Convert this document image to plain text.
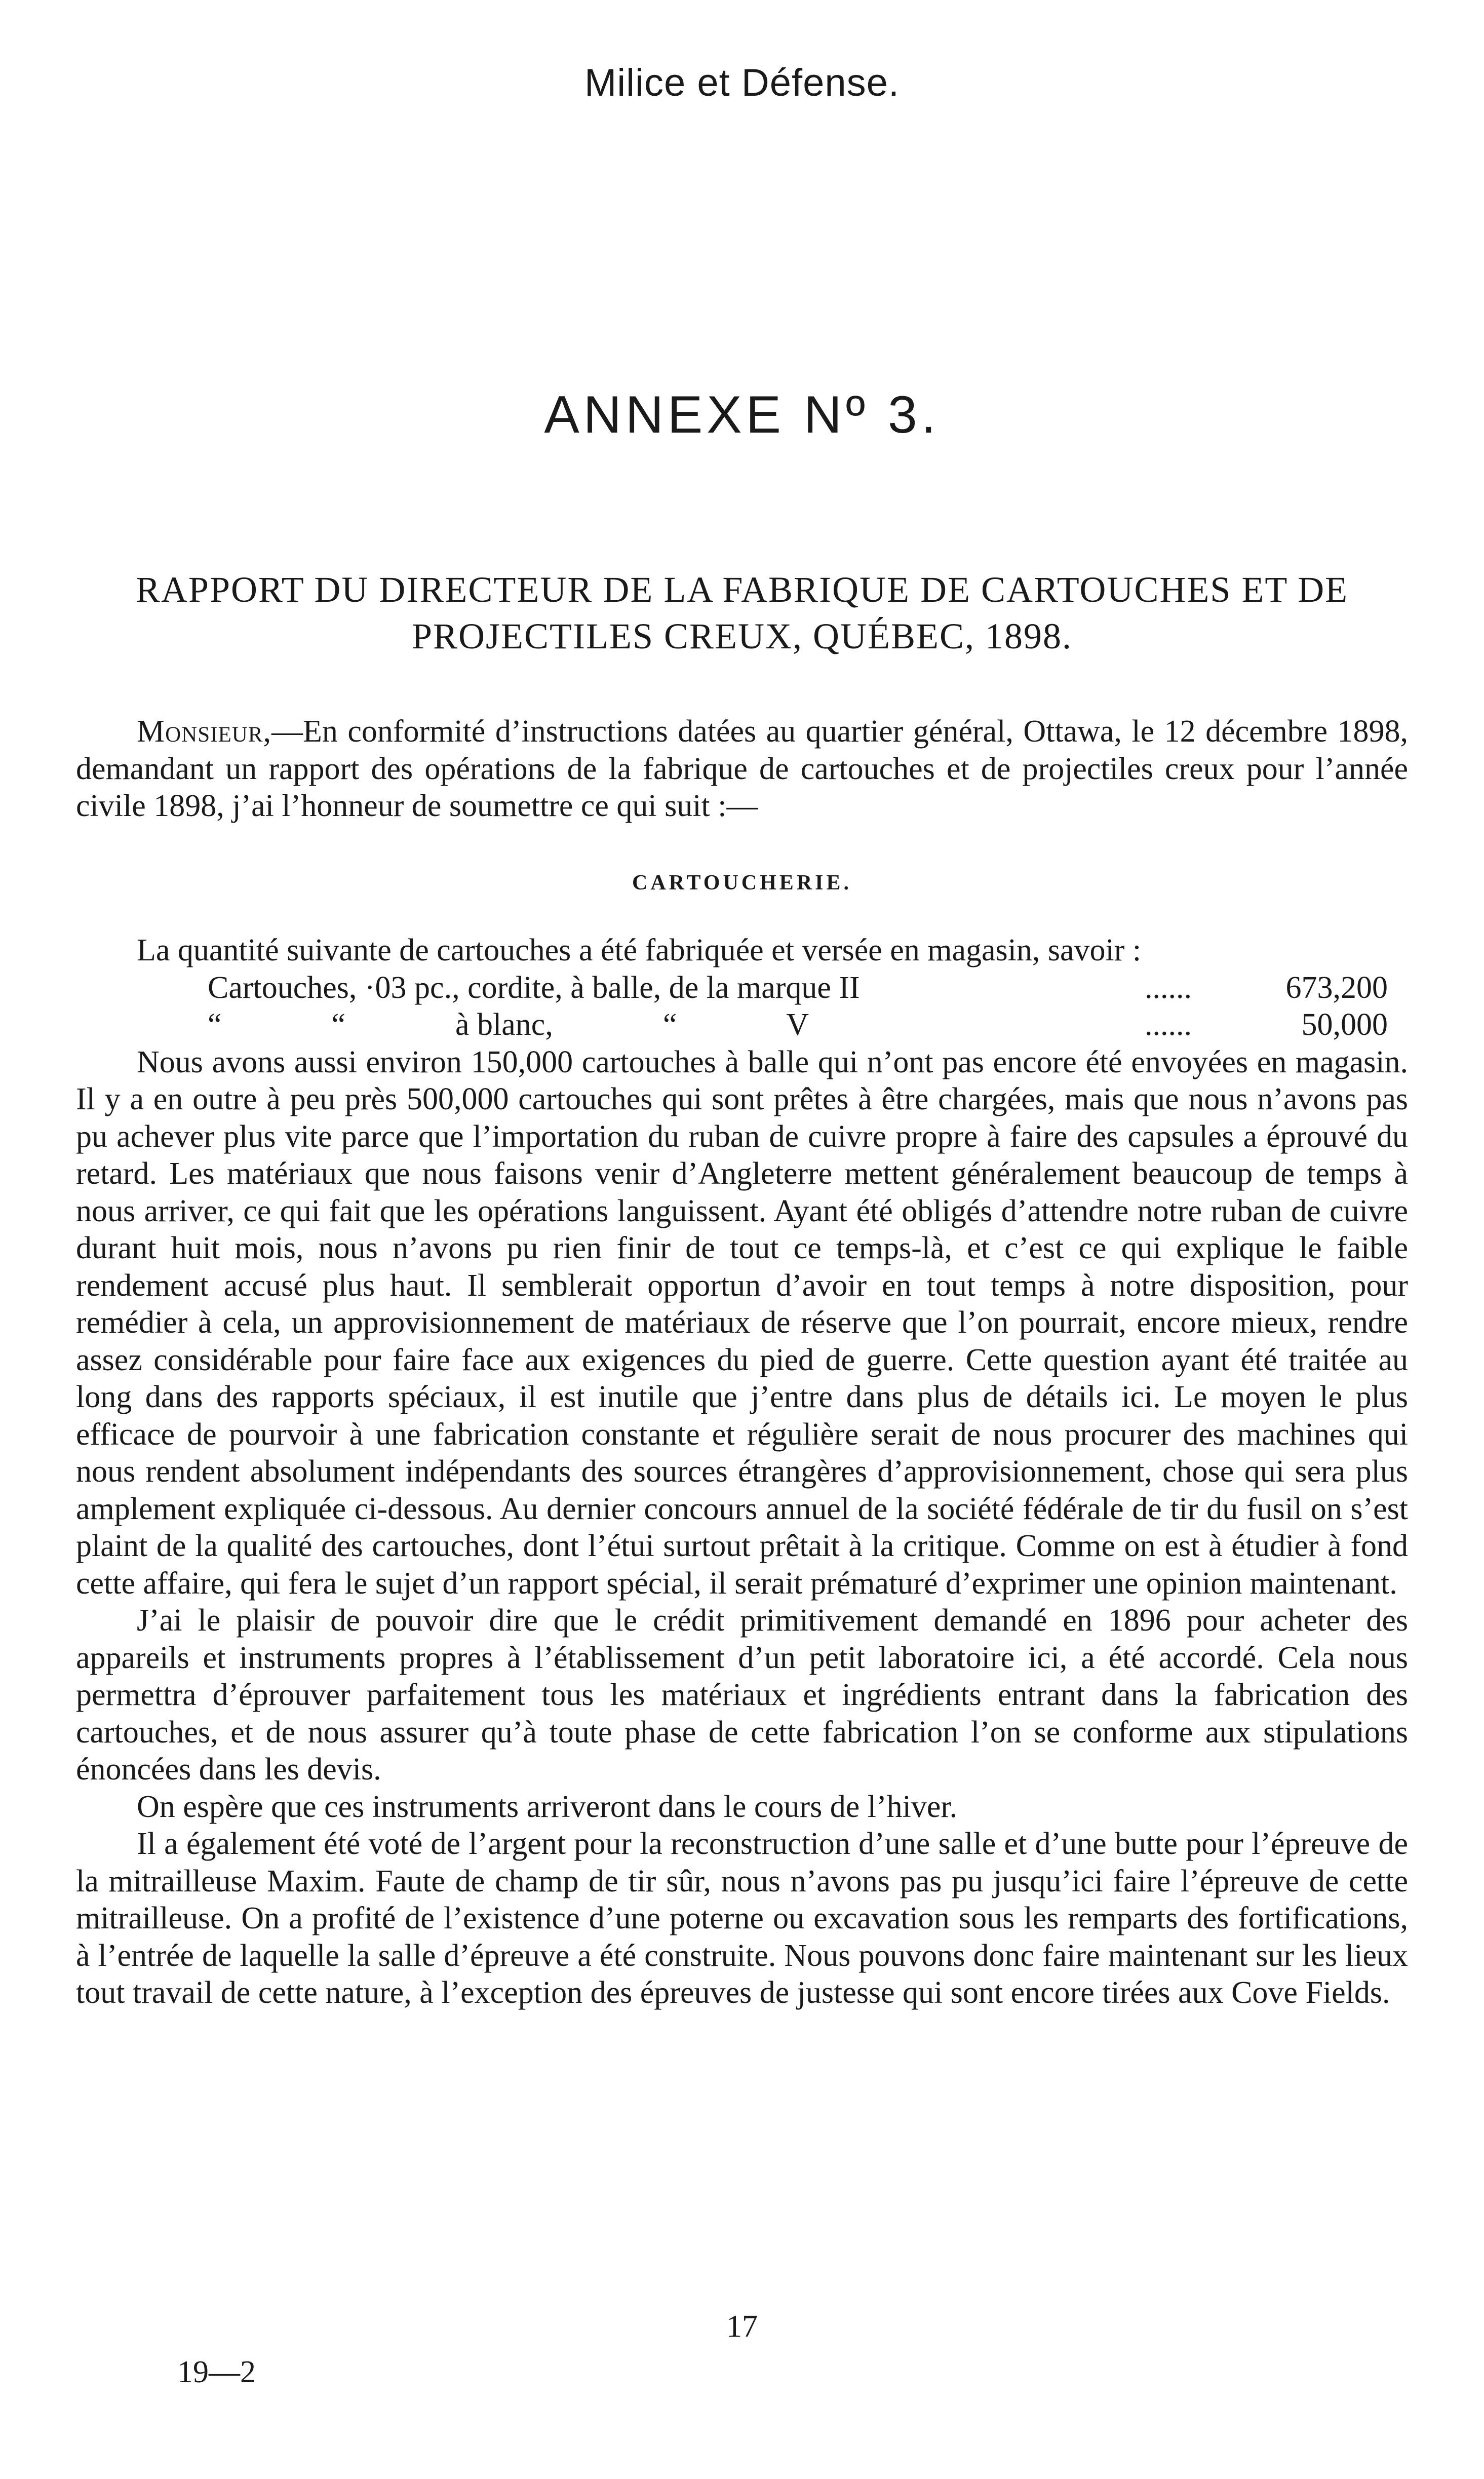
Milice et Défense.
ANNEXE Nº 3.
RAPPORT DU DIRECTEUR DE LA FABRIQUE DE CARTOUCHES ET DE
PROJECTILES CREUX, QUÉBEC, 1898.

Monsieur,—En conformité d’instructions datées au quartier général, Ottawa, le 12 décembre 1898, demandant un rapport des opérations de la fabrique de cartouches et de projectiles creux pour l’année civile 1898, j’ai l’honneur de soumettre ce qui suit :—

CARTOUCHERIE.

La quantité suivante de cartouches a été fabriquée et versée en magasin, savoir :

Cartouches, ·03 pc., cordite, à balle, de la marque II	......	673,200
“              “              à blanc,              “              V	......	50,000

Nous avons aussi environ 150,000 cartouches à balle qui n’ont pas encore été envoyées en magasin. Il y a en outre à peu près 500,000 cartouches qui sont prêtes à être chargées, mais que nous n’avons pas pu achever plus vite parce que l’importation du ruban de cuivre propre à faire des capsules a éprouvé du retard. Les matériaux que nous faisons venir d’Angleterre mettent généralement beaucoup de temps à nous arriver, ce qui fait que les opérations languissent. Ayant été obligés d’attendre notre ruban de cuivre durant huit mois, nous n’avons pu rien finir de tout ce temps-là, et c’est ce qui explique le faible rendement accusé plus haut. Il semblerait opportun d’avoir en tout temps à notre disposition, pour remédier à cela, un approvisionnement de matériaux de réserve que l’on pourrait, encore mieux, rendre assez considérable pour faire face aux exigences du pied de guerre. Cette question ayant été traitée au long dans des rapports spéciaux, il est inutile que j’entre dans plus de détails ici. Le moyen le plus efficace de pourvoir à une fabrication constante et régulière serait de nous procurer des machines qui nous rendent absolument indépendants des sources étrangères d’approvisionnement, chose qui sera plus amplement expliquée ci-dessous. Au dernier concours annuel de la société fédérale de tir du fusil on s’est plaint de la qualité des cartouches, dont l’étui surtout prêtait à la critique. Comme on est à étudier à fond cette affaire, qui fera le sujet d’un rapport spécial, il serait prématuré d’exprimer une opinion maintenant.

J’ai le plaisir de pouvoir dire que le crédit primitivement demandé en 1896 pour acheter des appareils et instruments propres à l’établissement d’un petit laboratoire ici, a été accordé. Cela nous permettra d’éprouver parfaitement tous les matériaux et ingrédients entrant dans la fabrication des cartouches, et de nous assurer qu’à toute phase de cette fabrication l’on se conforme aux stipulations énoncées dans les devis.

On espère que ces instruments arriveront dans le cours de l’hiver.

Il a également été voté de l’argent pour la reconstruction d’une salle et d’une butte pour l’épreuve de la mitrailleuse Maxim. Faute de champ de tir sûr, nous n’avons pas pu jusqu’ici faire l’épreuve de cette mitrailleuse. On a profité de l’existence d’une poterne ou excavation sous les remparts des fortifications, à l’entrée de laquelle la salle d’épreuve a été construite. Nous pouvons donc faire maintenant sur les lieux tout travail de cette nature, à l’exception des épreuves de justesse qui sont encore tirées aux Cove Fields.

17
19—2
